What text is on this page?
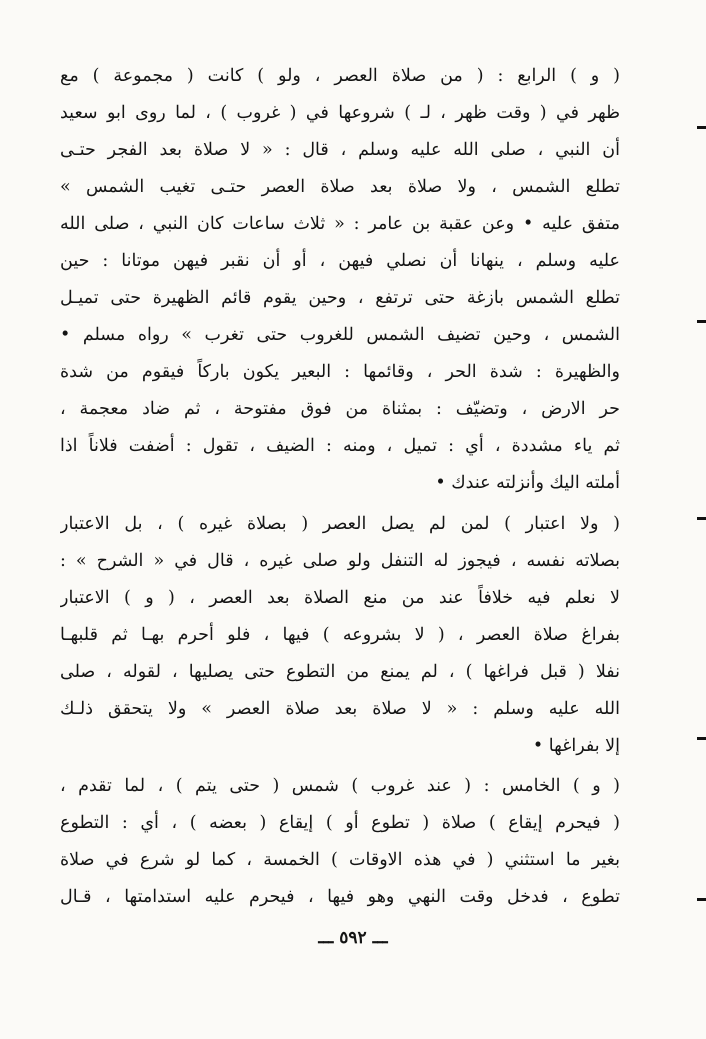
( و ) الرابع : ( من صلاة العصر ، ولو ) كانت ( مجموعة ) مع
ظهر في ( وقت ظهر ، لـ ) شروعها في ( غروب ) ، لما روى ابو سعيد
أن النبي ، صلى الله عليه وسلم ، قال : « لا صلاة بعد الفجر حتـى
تطلع الشمس ، ولا صلاة بعد صلاة العصر حتـى تغيب الشمس »
متفق عليه • وعن عقبة بن عامر : « ثلاث ساعات كان النبي ، صلى الله
عليه وسلم ، ينهانا أن نصلي فيهن ، أو أن نقبر فيهن موتانا : حين
تطلع الشمس بازغة حتى ترتفع ، وحين يقوم قائم الظهيرة حتى تميـل
الشمس ، وحين تضيف الشمس للغروب حتى تغرب » رواه مسلم •
والظهيرة : شدة الحر ، وقائمها : البعير يكون باركاً فيقوم من شدة
حر الارض ، وتضيّف : بمثناة من فوق مفتوحة ، ثم ضاد معجمة ،
ثم ياء مشددة ، أي : تميل ، ومنه : الضيف ، تقول : أضفت فلاناً اذا
أملته اليك وأنزلته عندك •
( ولا اعتبار ) لمن لم يصل العصر ( بصلاة غيره ) ، بل الاعتبار
بصلاته نفسه ، فيجوز له التنفل ولو صلى غيره ، قال في « الشرح » :
لا نعلم فيه خلافاً عند من منع الصلاة بعد العصر ، ( و ) الاعتبار
بفراغ صلاة العصر ، ( لا بشروعه ) فيها ، فلو أحرم بهـا ثم قلبهـا
نفلا ( قبل فراغها ) ، لم يمنع من التطوع حتى يصليها ، لقوله ، صلى
الله عليه وسلم : « لا صلاة بعد صلاة العصر » ولا يتحقق ذلـك
إلا بفراغها •
( و ) الخامس : ( عند غروب ) شمس ( حتى يتم ) ، لما تقدم ،
( فيحرم إيقاع ) صلاة ( تطوع أو ) إيقاع ( بعضه ) ، أي : التطوع
بغير ما استثني ( في هذه الاوقات ) الخمسة ، كما لو شرع في صلاة
تطوع ، فدخل وقت النهي وهو فيها ، فيحرم عليه استدامتها ، قـال
ـــ ٥٩٢ ـــ
